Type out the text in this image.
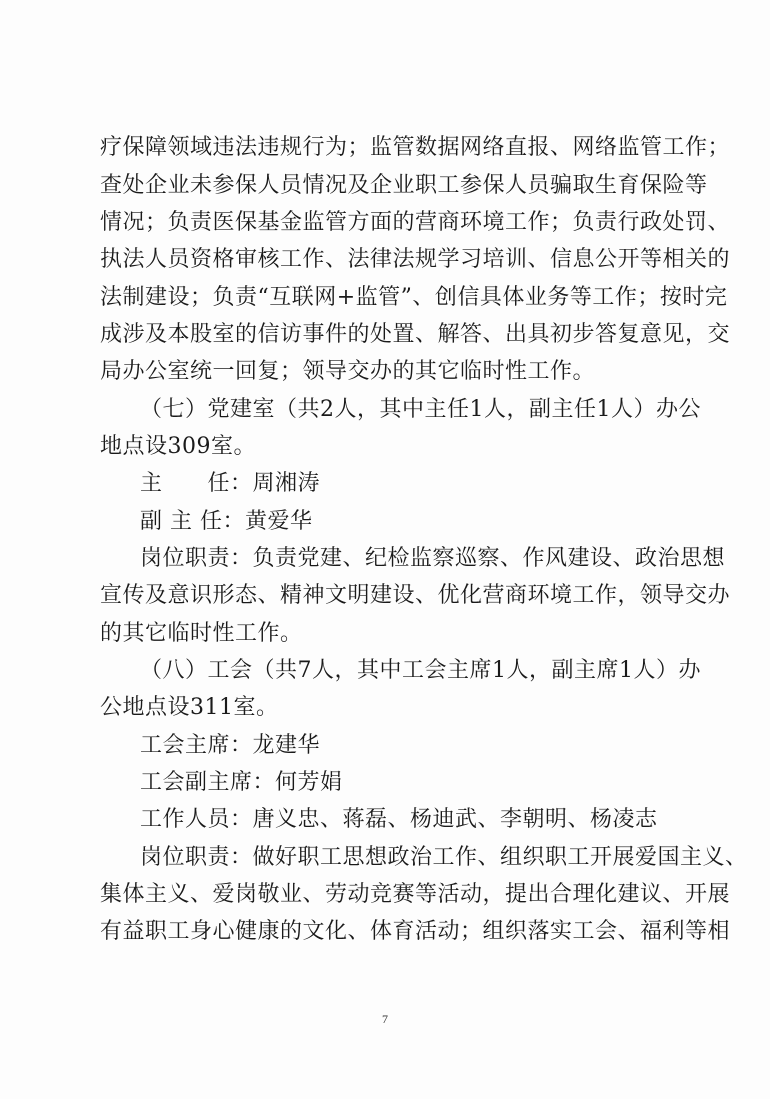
疗保障领域违法违规行为；监管数据网络直报、网络监管工作；
查处企业未参保人员情况及企业职工参保人员骗取生育保险等
情况；负责医保基金监管方面的营商环境工作；负责行政处罚、
执法人员资格审核工作、法律法规学习培训、信息公开等相关的
法制建设；负责“互联网+监管”、创信具体业务等工作；按时完
成涉及本股室的信访事件的处置、解答、出具初步答复意见，交
局办公室统一回复；领导交办的其它临时性工作。
（七）党建室（共2人，其中主任1人，副主任1人）办公
地点设309室。
主　　任：周湘涛
副 主 任：黄爱华
岗位职责：负责党建、纪检监察巡察、作风建设、政治思想
宣传及意识形态、精神文明建设、优化营商环境工作，领导交办
的其它临时性工作。
（八）工会（共7人，其中工会主席1人，副主席1人）办
公地点设311室。
工会主席：龙建华
工会副主席：何芳娟
工作人员：唐义忠、蒋磊、杨迪武、李朝明、杨凌志
岗位职责：做好职工思想政治工作、组织职工开展爱国主义、
集体主义、爱岗敬业、劳动竞赛等活动，提出合理化建议、开展
有益职工身心健康的文化、体育活动；组织落实工会、福利等相
7
